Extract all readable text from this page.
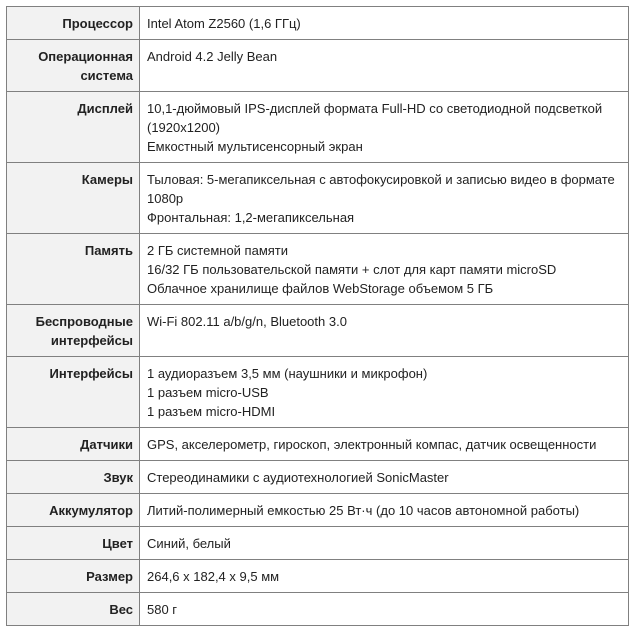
Процессор	Intel Atom Z2560 (1,6 ГГц)

Операционная система	Android 4.2 Jelly Bean

Дисплей	10,1-дюймовый IPS-дисплей формата Full-HD со светодиодной подсветкой (1920x1200)
Емкостный мультисенсорный экран

Камеры	Тыловая: 5-мегапиксельная с автофокусировкой и записью видео в формате 1080p
Фронтальная: 1,2-мегапиксельная

Память	2 ГБ системной памяти
16/32 ГБ пользовательской памяти + слот для карт памяти microSD
Облачное хранилище файлов WebStorage объемом 5 ГБ

Беспроводные интерфейсы	Wi-Fi 802.11 a/b/g/n, Bluetooth 3.0

Интерфейсы	1 аудиоразъем 3,5 мм (наушники и микрофон)
1 разъем micro-USB
1 разъем micro-HDMI

Датчики	GPS, акселерометр, гироскоп, электронный компас, датчик освещенности

Звук	Стереодинамики с аудиотехнологией SonicMaster

Аккумулятор	Литий-полимерный емкостью 25 Вт·ч (до 10 часов автономной работы)

Цвет	Синий, белый

Размер	264,6 x 182,4 x 9,5 мм

Вес	580 г
